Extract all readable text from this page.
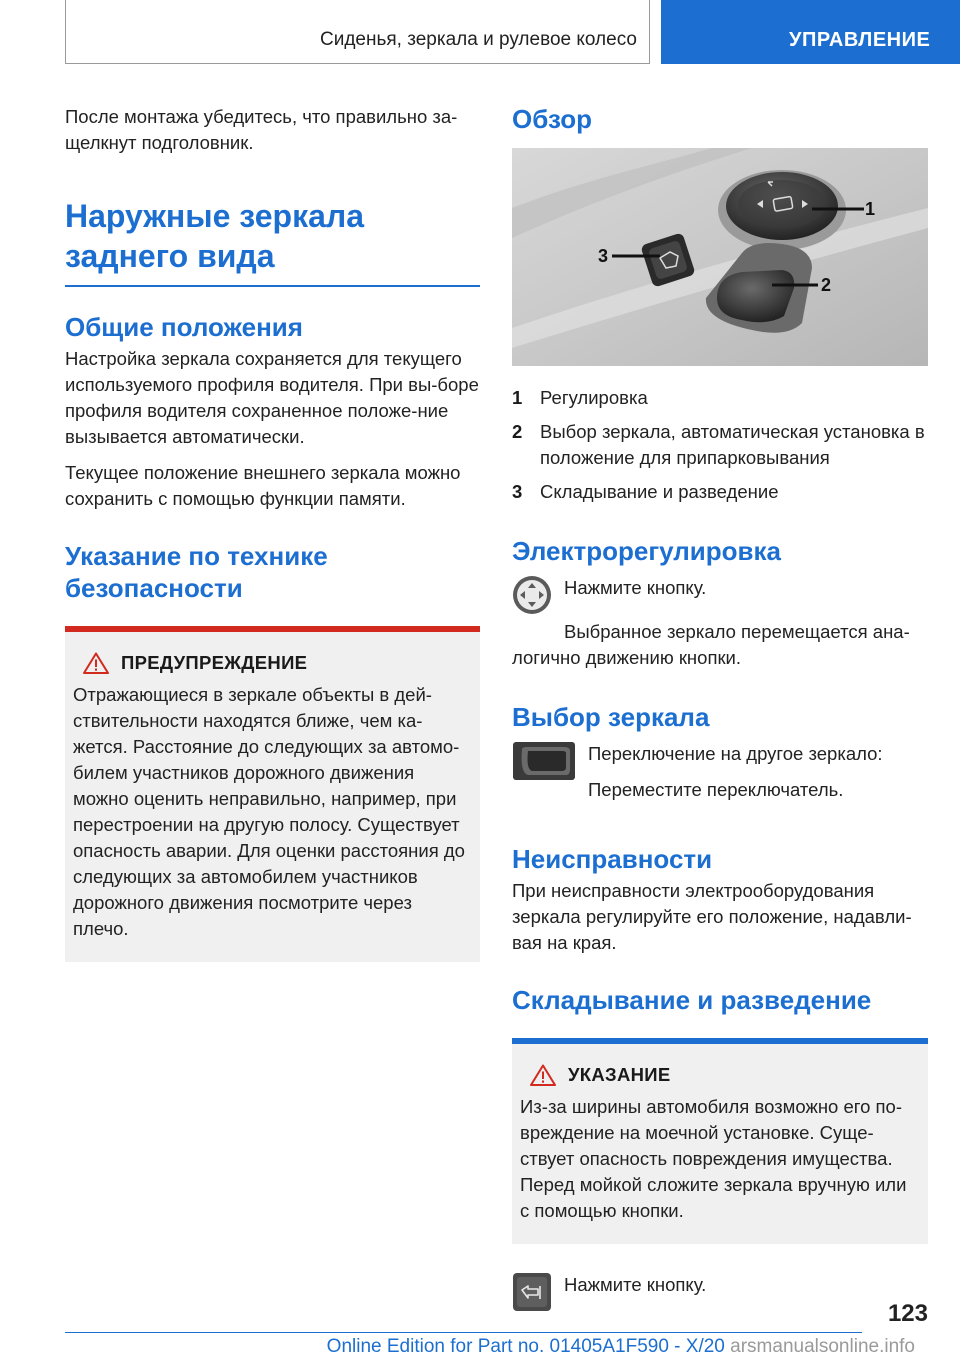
Сиденья, зеркала и рулевое колесо	УПРАВЛЕНИЕ

После монтажа убедитесь, что правильно за-щелкнут подголовник.

Наружные зеркала
заднего вида
Общие положения

Настройка зеркала сохраняется для текущего используемого профиля водителя. При вы-боре профиля водителя сохраненное положе-ние вызывается автоматически.

Текущее положение внешнего зеркала можно сохранить с помощью функции памяти.

Указание по технике
безопасности
ПРЕДУПРЕЖДЕНИЕ

Отражающиеся в зеркале объекты в дей-ствительности находятся ближе, чем ка-жется. Расстояние до следующих за автомо-билем участников дорожного движения можно оценить неправильно, например, при перестроении на другую полосу. Существует опасность аварии. Для оценки расстояния до следующих за автомобилем участников дорожного движения посмотрите через плечо.

Обзор
1
2
3
1 Регулировка

2 Выбор зеркала, автоматическая установка в положение для припарковывания

3 Складывание и разведение

Электрорегулировка

Нажмите кнопку.

Выбранное зеркало перемещается ана-логично движению кнопки.

Выбор зеркала

Переключение на другое зеркало:

Переместите переключатель.

Неисправности

При неисправности электрооборудования зеркала регулируйте его положение, надавли-вая на края.

Складывание и разведение
УКАЗАНИЕ

Из-за ширины автомобиля возможно его по-вреждение на моечной установке. Суще-ствует опасность повреждения имущества. Перед мойкой сложите зеркала вручную или с помощью кнопки.

Нажмите кнопку.

123
Online Edition for Part no. 01405A1F590 - X/20 arsmanualsonline.info
